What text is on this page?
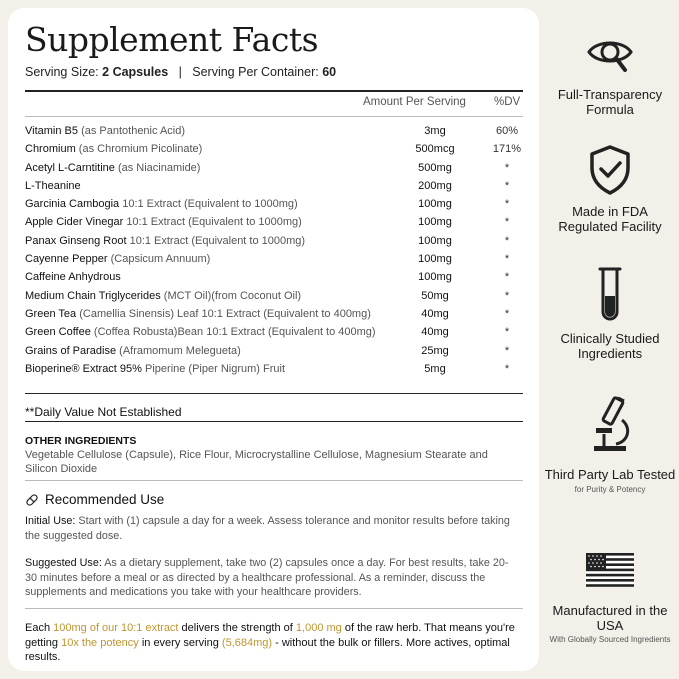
Supplement Facts
Serving Size: 2 Capsules | Serving Per Container: 60
Amount Per Serving %DV
Vitamin B5 (as Pantothenic Acid)	3mg	60%
Chromium (as Chromium Picolinate)	500mcg	171%
Acetyl L-Carntitine (as Niacinamide)	500mg	*
L-Theanine	200mg	*
Garcinia Cambogia 10:1 Extract (Equivalent to 1000mg)	100mg	*
Apple Cider Vinegar 10:1 Extract (Equivalent to 1000mg)	100mg	*
Panax Ginseng Root 10:1 Extract (Equivalent to 1000mg)	100mg	*
Cayenne Pepper (Capsicum Annuum)	100mg	*
Caffeine Anhydrous	100mg	*
Medium Chain Triglycerides (MCT Oil)(from Coconut Oil)	50mg	*
Green Tea (Camellia Sinensis) Leaf 10:1 Extract (Equivalent to 400mg)	40mg	*
Green Coffee (Coffea Robusta)Bean 10:1 Extract (Equivalent to 400mg)	40mg	*
Grains of Paradise (Aframomum Melegueta)	25mg	*
Bioperine® Extract 95% Piperine (Piper Nigrum) Fruit	5mg	*
**Daily Value Not Established
OTHER INGREDIENTS
Vegetable Cellulose (Capsule), Rice Flour, Microcrystalline Cellulose, Magnesium Stearate and Silicon Dioxide
Recommended Use
Initial Use: Start with (1) capsule a day for a week. Assess tolerance and monitor results before taking the suggested dose.
Suggested Use: As a dietary supplement, take two (2) capsules once a day. For best results, take 20-30 minutes before a meal or as directed by a healthcare professional. As a reminder, discuss the supplements and medications you take with your healthcare providers.
Each 100mg of our 10:1 extract delivers the strength of 1,000 mg of the raw herb. That means you're getting 10x the potency in every serving (5,684mg) - without the bulk or fillers. More actives, optimal results.
Full-Transparency Formula
Made in FDA Regulated Facility
Clinically Studied Ingredients
Third Party Lab Tested
for Purity & Potency
Manufactured in the USA
With Globally Sourced Ingredients
